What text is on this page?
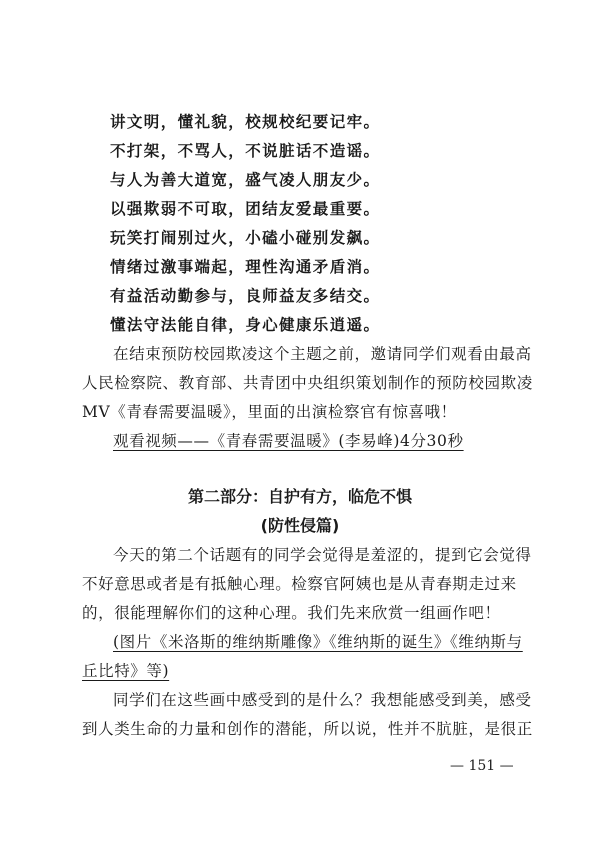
讲文明，懂礼貌，校规校纪要记牢。
不打架，不骂人，不说脏话不造谣。
与人为善大道宽，盛气凌人朋友少。
以强欺弱不可取，团结友爱最重要。
玩笑打闹别过火，小磕小碰别发飙。
情绪过激事端起，理性沟通矛盾消。
有益活动勤参与，良师益友多结交。
懂法守法能自律，身心健康乐逍遥。
在结束预防校园欺凌这个主题之前，邀请同学们观看由最高
人民检察院、教育部、共青团中央组织策划制作的预防校园欺凌
MV《青春需要温暖》，里面的出演检察官有惊喜哦！
观看视频——《青春需要温暖》(李易峰)4分30秒
第二部分：自护有方，临危不惧
(防性侵篇)
今天的第二个话题有的同学会觉得是羞涩的，提到它会觉得
不好意思或者是有抵触心理。检察官阿姨也是从青春期走过来
的，很能理解你们的这种心理。我们先来欣赏一组画作吧！
(图片《米洛斯的维纳斯雕像》《维纳斯的诞生》《维纳斯与
丘比特》等)
同学们在这些画中感受到的是什么？我想能感受到美，感受
到人类生命的力量和创作的潜能，所以说，性并不肮脏，是很正
— 151 —
